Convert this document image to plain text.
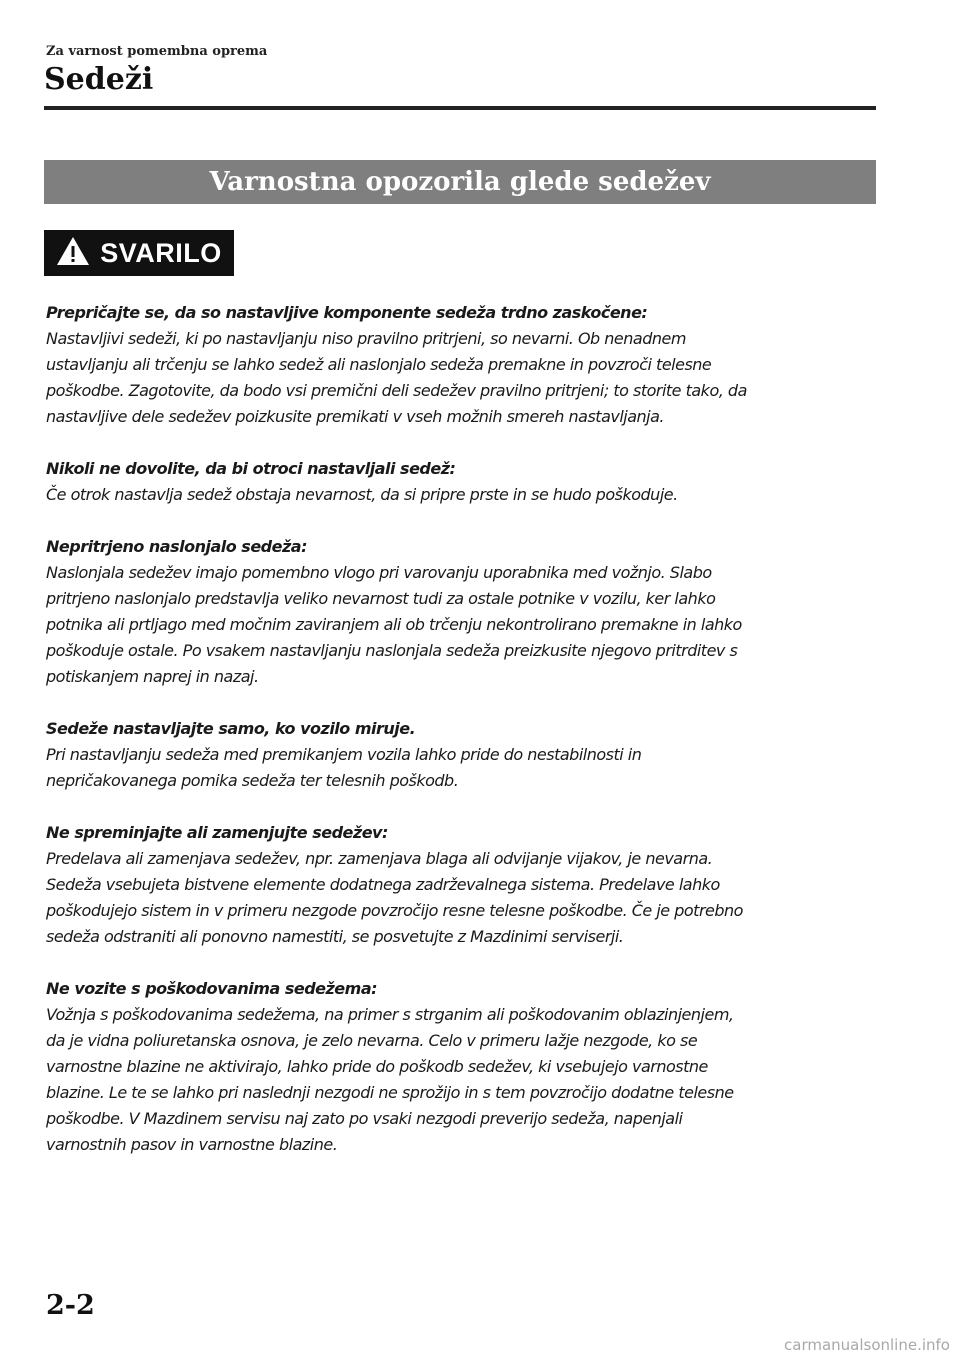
Za varnost pomembna oprema
Sedeži
Varnostna opozorila glede sedežev
SVARILO

Prepričajte se, da so nastavljive komponente sedeža trdno zaskočene:

Nastavljivi sedeži, ki po nastavljanju niso pravilno pritrjeni, so nevarni. Ob nenadnem

ustavljanju ali trčenju se lahko sedež ali naslonjalo sedeža premakne in povzroči telesne

poškodbe. Zagotovite, da bodo vsi premični deli sedežev pravilno pritrjeni; to storite tako, da

nastavljive dele sedežev poizkusite premikati v vseh možnih smereh nastavljanja.

Nikoli ne dovolite, da bi otroci nastavljali sedež:

Če otrok nastavlja sedež obstaja nevarnost, da si pripre prste in se hudo poškoduje.

Nepritrjeno naslonjalo sedeža:

Naslonjala sedežev imajo pomembno vlogo pri varovanju uporabnika med vožnjo. Slabo

pritrjeno naslonjalo predstavlja veliko nevarnost tudi za ostale potnike v vozilu, ker lahko

potnika ali prtljago med močnim zaviranjem ali ob trčenju nekontrolirano premakne in lahko

poškoduje ostale. Po vsakem nastavljanju naslonjala sedeža preizkusite njegovo pritrditev s

potiskanjem naprej in nazaj.

Sedeže nastavljajte samo, ko vozilo miruje.

Pri nastavljanju sedeža med premikanjem vozila lahko pride do nestabilnosti in

nepričakovanega pomika sedeža ter telesnih poškodb.

Ne spreminjajte ali zamenjujte sedežev:

Predelava ali zamenjava sedežev, npr. zamenjava blaga ali odvijanje vijakov, je nevarna.

Sedeža vsebujeta bistvene elemente dodatnega zadrževalnega sistema. Predelave lahko

poškodujejo sistem in v primeru nezgode povzročijo resne telesne poškodbe. Če je potrebno

sedeža odstraniti ali ponovno namestiti, se posvetujte z Mazdinimi serviserji.

Ne vozite s poškodovanima sedežema:

Vožnja s poškodovanima sedežema, na primer s strganim ali poškodovanim oblazinjenjem,

da je vidna poliuretanska osnova, je zelo nevarna. Celo v primeru lažje nezgode, ko se

varnostne blazine ne aktivirajo, lahko pride do poškodb sedežev, ki vsebujejo varnostne

blazine. Le te se lahko pri naslednji nezgodi ne sprožijo in s tem povzročijo dodatne telesne

poškodbe. V Mazdinem servisu naj zato po vsaki nezgodi preverijo sedeža, napenjali

varnostnih pasov in varnostne blazine.

2-2
carmanualsonline.info
